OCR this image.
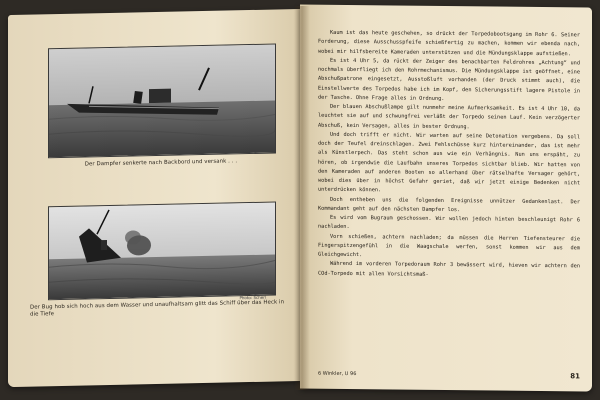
Der Dampfer senkerte nach Backbord und versank . . .
Photo: Scherl
Der Bug hob sich hoch aus dem Wasser und unaufhaltsam glitt das Schiff über das Heck in die Tiefe

Kaum ist das heute geschehen, so drückt der Torpedobootsgang im Rohr 6. Seiner Forderung, diese Ausschusspfeife schießfertig zu machen, kommen wir ebenda nach, wobei mir hilfsbereite Kameraden unterstützen und die Mündungsklappe aufstießen.

Es ist 4 Uhr 5, da rückt der Zeiger des benachbarten Feldrohres „Achtung“ und nochmals überfliegt ich den Rohrmechanismus. Die Mündungsklappe ist geöffnet, eine Abschußpatrone eingesetzt, Ausstoßluft vorhanden (der Druck stimmt auch), die Einstellwerte des Torpedos habe ich im Kopf, den Sicherungsstift lagere Pistole in der Tasche. Ohne Frage alles in Ordnung.

Der blauen Abschußlampe gilt nunmehr meine Aufmerksamkeit. Es ist 4 Uhr 10, da leuchtet sie auf und schwungfrei verläßt der Torpedo seinen Lauf. Kein verzögerter Abschuß, kein Versagen, alles in bester Ordnung.

Und doch trifft er nicht. Wir warten auf seine Detonation vergebens. Da soll doch der Teufel dreinschlagen. Zwei Fehlschüsse kurz hintereinander, das ist mehr als Künstlerpech. Das steht schon aus wie ein Verhängnis. Nun uns erspäht, zu hören, ob irgendwie die Laufbahn unseres Torpedos sichtbar blieb. Wir hatten von den Kameraden auf anderen Booten so allerhand über rätselhafte Versager gehört, wobei dies über in höchst Gefahr geriet, daß wir jetzt einige Bedenken nicht unterdrücken können.

Doch entheben uns die folgenden Ereignisse unnützer Gedankenlast. Der Kommandant geht auf den nächsten Dampfer los.

Es wird vom Bugraum geschossen. Wir wollen jedoch hinten beschleunigt Rohr 6 nachladen.

Vorn schießen, achtern nachladen; da müssen die Herren Tiefensteurer die Fingerspitzengefühl in die Waagschale werfen, sonst kommen wir aus dem Gleichgewicht.

Während im vorderen Torpedoraum Rohr 3 bewässert wird, hieven wir achtern den COd-Torpedo mit allen Vorsichtsmaß-

6 Winkler, U 96	81
